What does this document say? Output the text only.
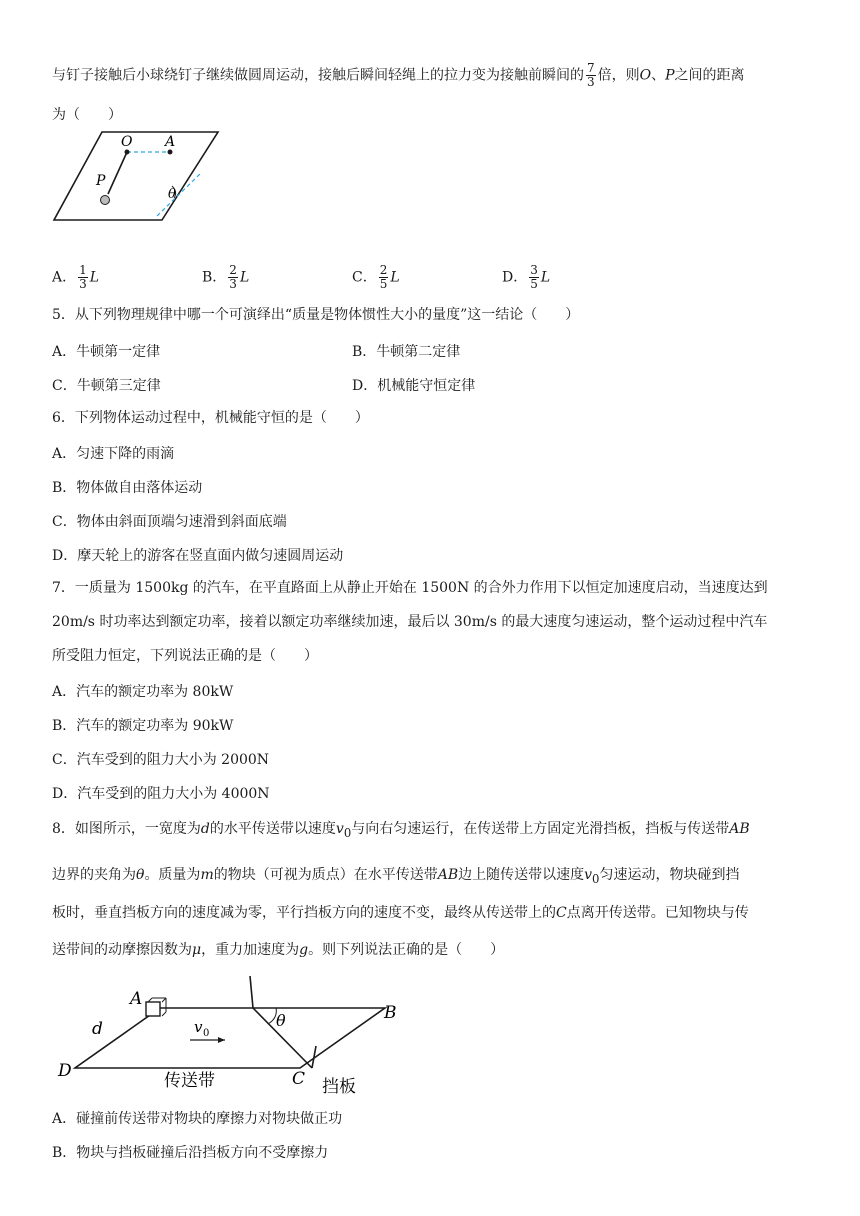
与钉子接触后小球绕钉子继续做圆周运动，接触后瞬间轻绳上的拉力变为接触前瞬间的 $\frac{7}{3}$ 倍，则O、P之间的距离
为（　　）
O A
P
θ
A． $\frac{1}{3}$ L	B． $\frac{2}{3}$ L	C． $\frac{2}{5}$ L	D． $\frac{3}{5}$ L
5．从下列物理规律中哪一个可演绎出“质量是物体惯性大小的量度”这一结论（　　）
A．牛顿第一定律	B．牛顿第二定律
C．牛顿第三定律	D．机械能守恒定律
6．下列物体运动过程中，机械能守恒的是（　　）
A．匀速下降的雨滴
B．物体做自由落体运动
C．物体由斜面顶端匀速滑到斜面底端
D．摩天轮上的游客在竖直面内做匀速圆周运动
7．一质量为 1500kg 的汽车，在平直路面上从静止开始在 1500N 的合外力作用下以恒定加速度启动，当速度达到
20m/s 时功率达到额定功率，接着以额定功率继续加速，最后以 30m/s 的最大速度匀速运动，整个运动过程中汽车
所受阻力恒定，下列说法正确的是（　　）
A．汽车的额定功率为 80kW
B．汽车的额定功率为 90kW
C．汽车受到的阻力大小为 2000N
D．汽车受到的阻力大小为 4000N
8．如图所示，一宽度为d的水平传送带以速度$v_0$与向右匀速运行，在传送带上方固定光滑挡板，挡板与传送带AB
边界的夹角为θ。质量为m的物块（可视为质点）在水平传送带AB边上随传送带以速度$v_0$匀速运动，物块碰到挡
板时，垂直挡板方向的速度减为零，平行挡板方向的速度不变，最终从传送带上的C点离开传送带。已知物块与传
送带间的动摩擦因数为μ，重力加速度为g。则下列说法正确的是（　　）
A
B
C
D
d	v 0
θ
传送带	挡板
A．碰撞前传送带对物块的摩擦力对物块做正功
B．物块与挡板碰撞后沿挡板方向不受摩擦力
